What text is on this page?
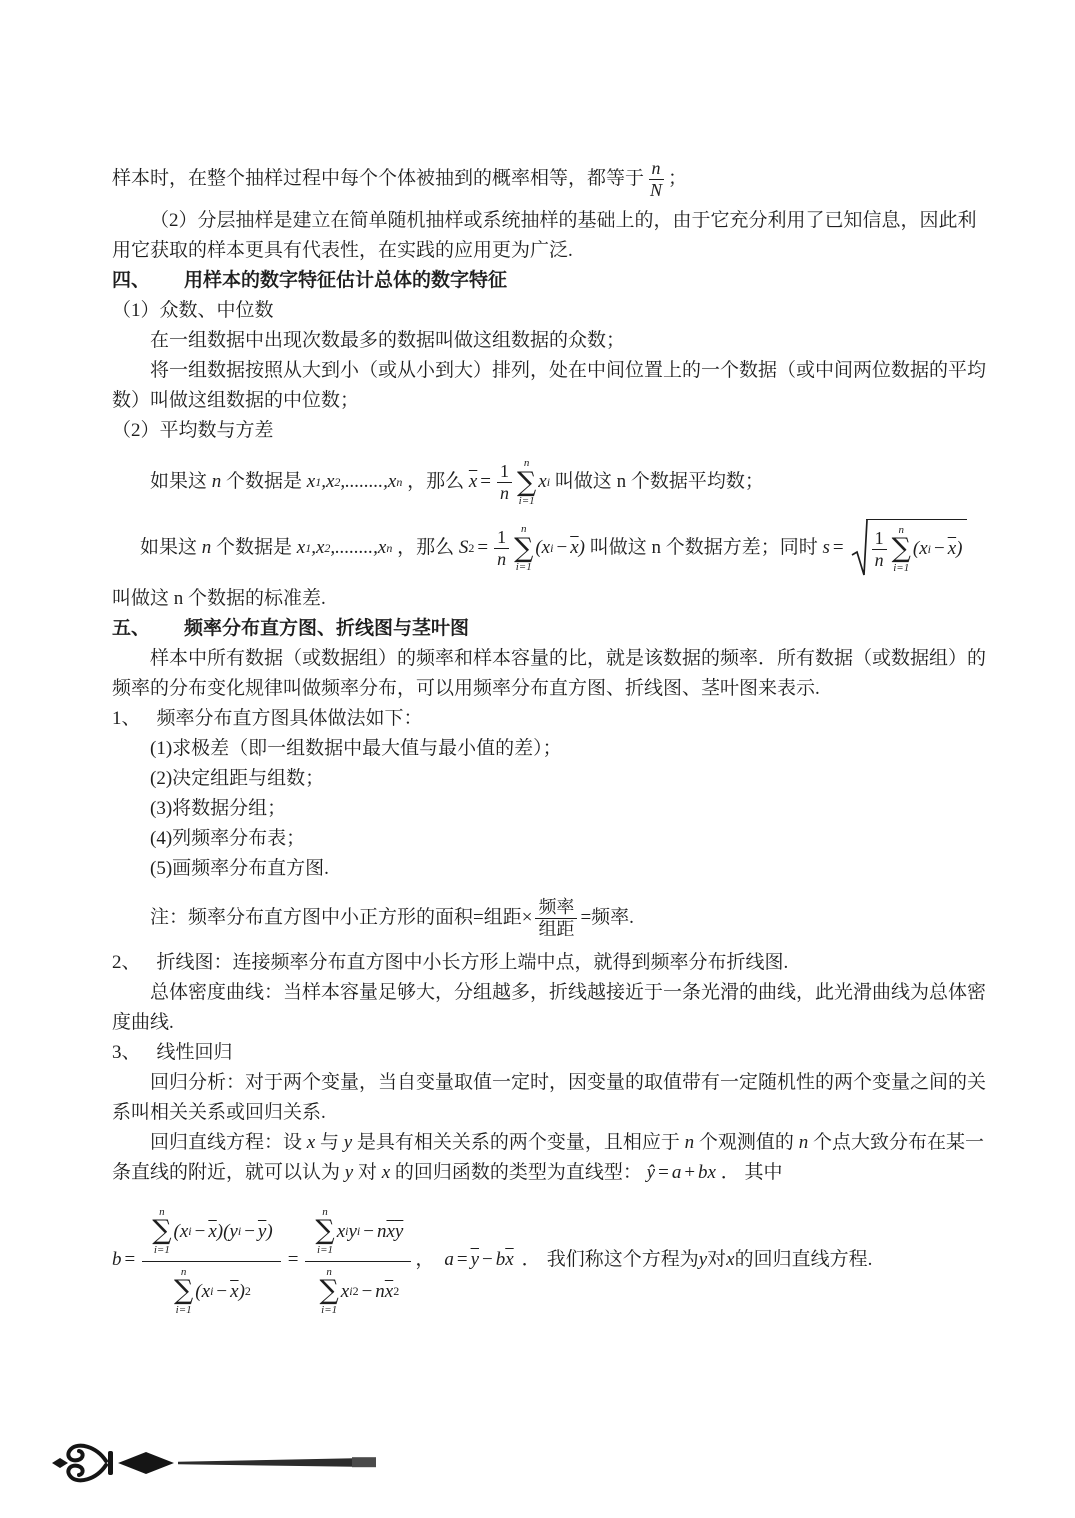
样本时，在整个抽样过程中每个个体被抽到的概率相等，都等于
n
N
；

（2）分层抽样是建立在简单随机抽样或系统抽样的基础上的，由于它充分利用了已知信息，因此利用它获取的样本更具有代表性，在实践的应用更为广泛.

四、 用样本的数字特征估计总体的数字特征

（1）众数、中位数

在一组数据中出现次数最多的数据叫做这组数据的众数；

将一组数据按照从大到小（或从小到大）排列，处在中间位置上的一个数据（或中间两位数据的平均数）叫做这组数据的中位数；

（2）平均数与方差

如果这 n 个数据是 x 1 ,x 2 ,........,x n ，那么 $\overline{x} = \frac{1}{n}$ n
∑
i=1
x i 叫做这 n 个数据平均数；
如果这 n 个数据是 x 1 ,x 2 ,........,x n ，那么 S $2 = \frac{1}{n}$ n
∑
i=1
(x $i - \overline{x}$ ) 叫做这 n 个数据方差；同时 s = 1
n
n
∑
i=1
(x $i - \overline{x}$ )

叫做这 n 个数据的标准差.

五、 频率分布直方图、折线图与茎叶图

样本中所有数据（或数据组）的频率和样本容量的比，就是该数据的频率．所有数据（或数据组）的频率的分布变化规律叫做频率分布，可以用频率分布直方图、折线图、茎叶图来表示.

1、 频率分布直方图具体做法如下：

(1)求极差（即一组数据中最大值与最小值的差）；

(2)决定组距与组数；

(3)将数据分组；

(4)列频率分布表；

(5)画频率分布直方图.

注：频率分布直方图中小正方形的面积=组距×
频率
组距
=频率.

2、 折线图：连接频率分布直方图中小长方形上端中点，就得到频率分布折线图.

总体密度曲线：当样本容量足够大，分组越多，折线越接近于一条光滑的曲线，此光滑曲线为总体密度曲线.

3、 线性回归

回归分析：对于两个变量，当自变量取值一定时，因变量的取值带有一定随机性的两个变量之间的关系叫相关关系或回归关系.

回归直线方程：设 x 与 y 是具有相关关系的两个变量，且相应于 n 个观测值的 n 个点大致分布在某一条直线的附近，就可以认为 y 对 x 的回归函数的类型为直线型： ŷ = a + bx ． 其中

b = n
∑
i=1
(x $i - \overline{x}$ )(y $i - \overline{y}$ )
n
∑
i=1
(x $i - \overline{x}$ ) 2 =
n
∑
i=1
x i y i − n $\overline{x}$ $\overline{y}$
n
∑
i=1
x i 2 − n $\overline{x}$ 2
， $a = \overline{y} - b$ $\overline{x}$ ． 我们称这个方程为 y 对 x 的回归直线方程.
